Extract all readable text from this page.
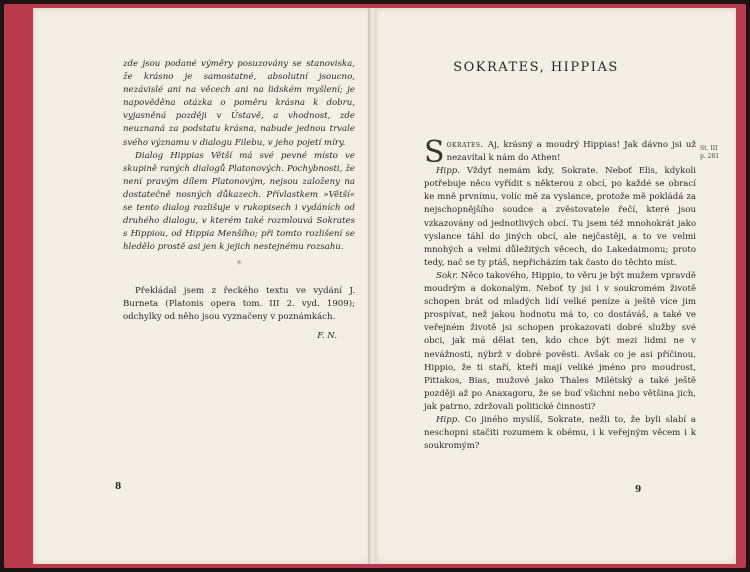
zde jsou podané výměry posuzovány se stanoviska, že krásno je samostatné, absolutní jsoucno, nezávislé ani na věcech ani na lidském myšlení; je napověděna otázka o poměru krásna k dobru, vyjasněná později v Ústavě, a vhodnost, zde neuznaná za podstatu krásna, nabude jednou trvale svého významu v dialogu Filebu, v jeho pojetí míry.

Dialog Hippias Větší má své pevné místo ve skupině raných dialogů Platonových. Pochybnosti, že není pravým dílem Platonovým, nejsou založeny na dostatečně nosných důkazech. Přívlastkem »Větší« se tento dialog rozlišuje v rukopisech i vydáních od druhého dialogu, v kterém také rozmlouvá Sokrates s Hippiou, od Hippia Menšího; při tomto rozlišení se hledělo prostě asi jen k jejich nestejnému rozsahu.

*

Překládal jsem z řeckého textu ve vydání J. Burneta (Platonis opera tom. III 2. vyd. 1909); odchylky od něho jsou vyznačeny v poznámkách.

F. N.

8
SOKRATES, HIPPIAS
St. III
p. 281

Sokrates. Aj, krásný a moudrý Hippias! Jak dávno jsi už nezavítal k nám do Athen!

Hipp. Vždyť nemám kdy, Sokrate. Neboť Elis, kdykoli potřebuje něco vyřídit s některou z obcí, po každé se obrací ke mně prvnímu, volíc mě za vyslance, protože mě pokládá za nejschopnějšího soudce a zvěstovatele řečí, které jsou vzkazovány od jednotlivých obcí. Tu jsem též mnohokrát jako vyslance táhl do jiných obcí, ale nejčastěji, a to ve velmi mnohých a velmi důležitých věcech, do Lakedaimonu; proto tedy, nač se ty ptáš, nepřicházím tak často do těchto míst.

Sokr. Něco takového, Hippio, to věru je být mužem vpravdě moudrým a dokonalým. Neboť ty jsi i v soukromém životě schopen brát od mladých lidí velké peníze a ještě více jim prospívat, než jakou hodnotu má to, co dostáváš, a také ve veřejném životě jsi schopen prokazovati dobré služby své obci, jak má dělat ten, kdo chce být mezi lidmi ne v nevážnosti, nýbrž v dobré pověsti. Avšak co je asi příčinou, Hippio, že ti staří, kteří mají veliké jméno pro moudrost, Pittakos, Bias, mužové jako Thales Milétský a také ještě později až po Anaxagoru, že se buď všichni nebo většina jich, jak patrno, zdržovali politické činnosti?

Hipp. Co jiného myslíš, Sokrate, nežli to, že byli slabí a neschopni stačiti rozumem k obému, i k veřejným věcem i k soukromým?

9
